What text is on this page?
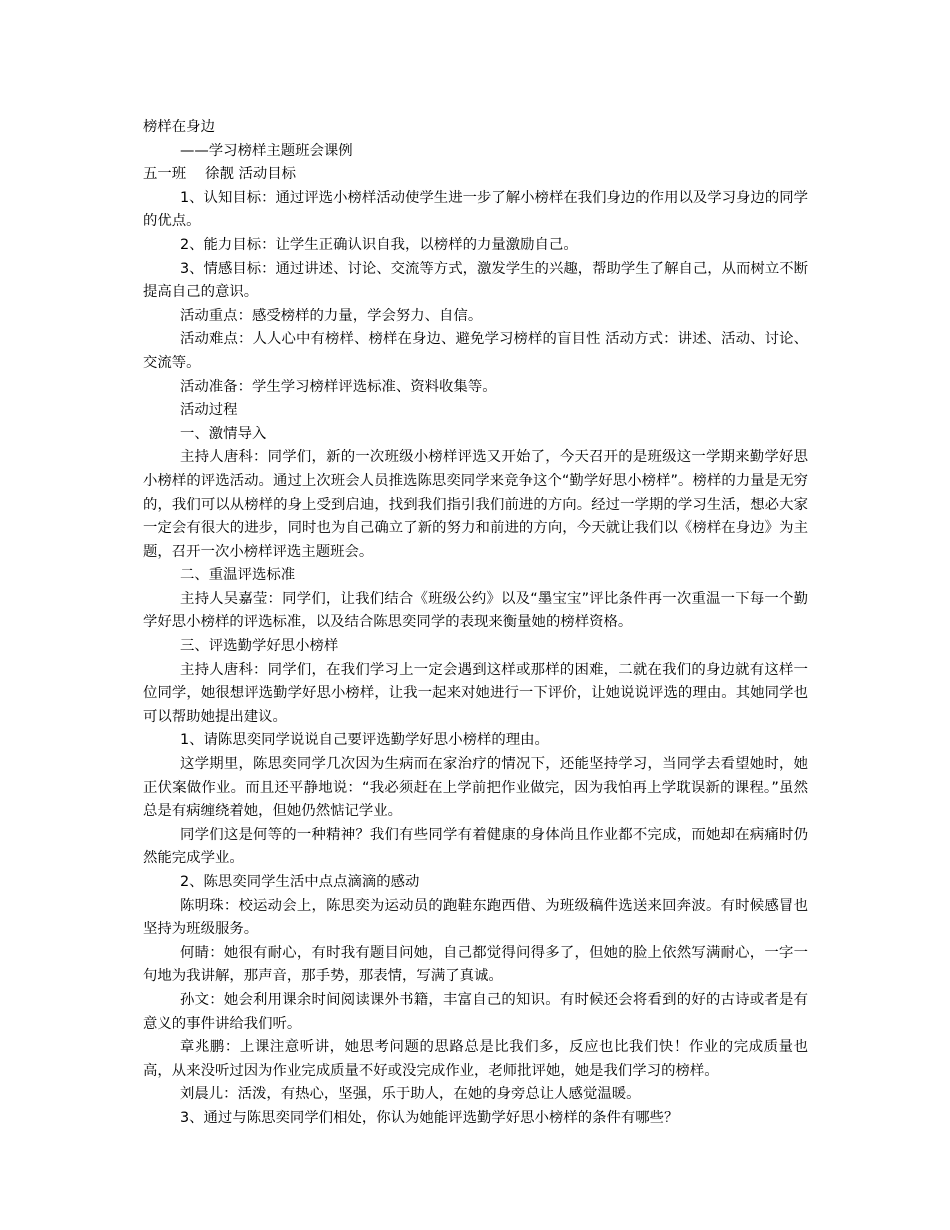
榜样在身边

——学习榜样主题班会课例

五一班　 徐靓 活动目标

1、认知目标：通过评选小榜样活动使学生进一步了解小榜样在我们身边的作用以及学习身边的同学的优点。

2、能力目标：让学生正确认识自我，以榜样的力量激励自己。

3、情感目标：通过讲述、讨论、交流等方式，激发学生的兴趣，帮助学生了解自己，从而树立不断提高自己的意识。

活动重点：感受榜样的力量，学会努力、自信。

活动难点：人人心中有榜样、榜样在身边、避免学习榜样的盲目性 活动方式：讲述、活动、讨论、交流等。

活动准备：学生学习榜样评选标准、资料收集等。

活动过程

一、激情导入

主持人唐科：同学们，新的一次班级小榜样评选又开始了，今天召开的是班级这一学期来勤学好思小榜样的评选活动。通过上次班会人员推选陈思奕同学来竞争这个“勤学好思小榜样”。榜样的力量是无穷的，我们可以从榜样的身上受到启迪，找到我们指引我们前进的方向。经过一学期的学习生活，想必大家一定会有很大的进步，同时也为自己确立了新的努力和前进的方向，今天就让我们以《榜样在身边》为主题，召开一次小榜样评选主题班会。

二、重温评选标准

主持人吴嘉莹：同学们，让我们结合《班级公约》以及“墨宝宝”评比条件再一次重温一下每一个勤学好思小榜样的评选标准，以及结合陈思奕同学的表现来衡量她的榜样资格。

三、评选勤学好思小榜样

主持人唐科：同学们，在我们学习上一定会遇到这样或那样的困难，二就在我们的身边就有这样一位同学，她很想评选勤学好思小榜样，让我一起来对她进行一下评价，让她说说评选的理由。其她同学也可以帮助她提出建议。

1、请陈思奕同学说说自己要评选勤学好思小榜样的理由。

这学期里，陈思奕同学几次因为生病而在家治疗的情况下，还能坚持学习，当同学去看望她时，她正伏案做作业。而且还平静地说：“我必须赶在上学前把作业做完，因为我怕再上学耽误新的课程。”虽然总是有病缠绕着她，但她仍然惦记学业。

同学们这是何等的一种精神？我们有些同学有着健康的身体尚且作业都不完成，而她却在病痛时仍然能完成学业。

2、陈思奕同学生活中点点滴滴的感动

陈明珠：校运动会上，陈思奕为运动员的跑鞋东跑西借、为班级稿件选送来回奔波。有时候感冒也坚持为班级服务。

何睛：她很有耐心，有时我有题目问她，自己都觉得问得多了，但她的脸上依然写满耐心，一字一句地为我讲解，那声音，那手势，那表情，写满了真诚。

孙文：她会利用课余时间阅读课外书籍，丰富自己的知识。有时候还会将看到的好的古诗或者是有意义的事件讲给我们听。

章兆鹏：上课注意听讲，她思考问题的思路总是比我们多，反应也比我们快！作业的完成质量也高，从来没听过因为作业完成质量不好或没完成作业，老师批评她，她是我们学习的榜样。

刘晨儿：活泼，有热心，坚强，乐于助人，在她的身旁总让人感觉温暖。

3、通过与陈思奕同学们相处，你认为她能评选勤学好思小榜样的条件有哪些？
